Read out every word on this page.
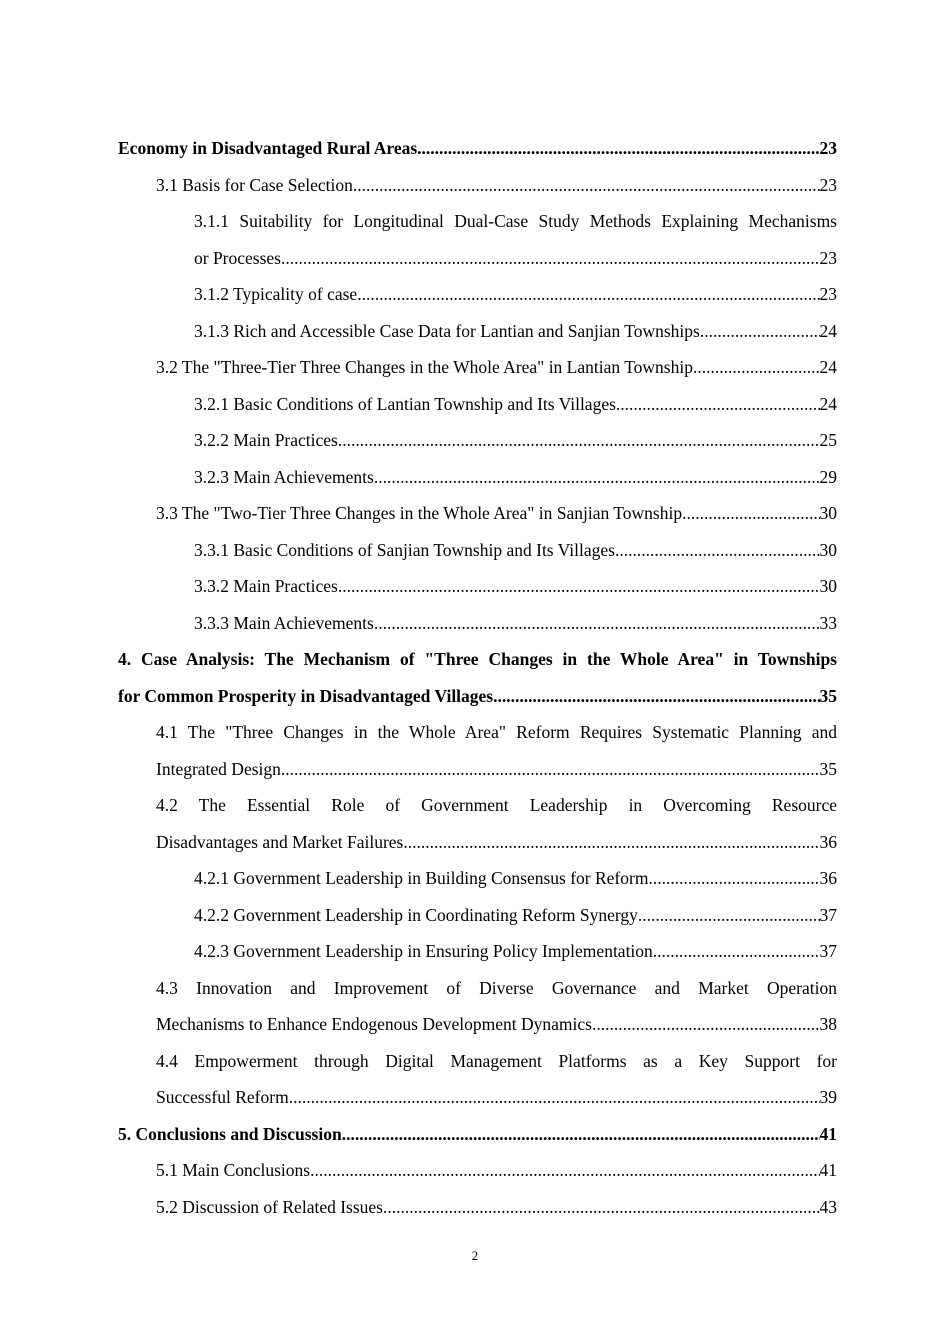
Economy in Disadvantaged Rural Areas .....	23
3.1 Basis for Case Selection .....	23
3.1.1 Suitability for Longitudinal Dual-Case Study Methods Explaining Mechanisms
or Processes .....	23
3.1.2 Typicality of case .....	23
3.1.3 Rich and Accessible Case Data for Lantian and Sanjian Townships .....	24
3.2 The "Three-Tier Three Changes in the Whole Area" in Lantian Township .....	24
3.2.1 Basic Conditions of Lantian Township and Its Villages .....	24
3.2.2 Main Practices .....	25
3.2.3 Main Achievements .....	29
3.3 The "Two-Tier Three Changes in the Whole Area" in Sanjian Township .....	30
3.3.1 Basic Conditions of Sanjian Township and Its Villages .....	30
3.3.2 Main Practices .....	30
3.3.3 Main Achievements .....	33
4. Case Analysis: The Mechanism of "Three Changes in the Whole Area" in Townships
for Common Prosperity in Disadvantaged Villages .....	35
4.1 The "Three Changes in the Whole Area" Reform Requires Systematic Planning and
Integrated Design .....	35
4.2 The Essential Role of Government Leadership in Overcoming Resource
Disadvantages and Market Failures .....	36
4.2.1 Government Leadership in Building Consensus for Reform .....	36
4.2.2 Government Leadership in Coordinating Reform Synergy .....	37
4.2.3 Government Leadership in Ensuring Policy Implementation .....	37
4.3 Innovation and Improvement of Diverse Governance and Market Operation
Mechanisms to Enhance Endogenous Development Dynamics .....	38
4.4 Empowerment through Digital Management Platforms as a Key Support for
Successful Reform .....	39
5. Conclusions and Discussion .....	41
5.1 Main Conclusions .....	41
5.2 Discussion of Related Issues .....	43
2
